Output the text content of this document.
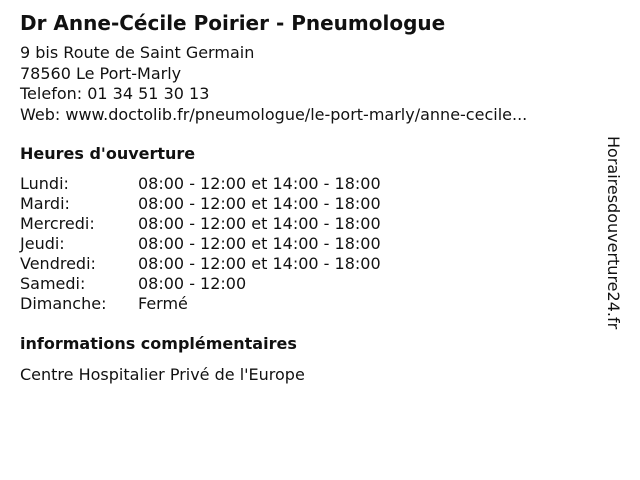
Dr Anne-Cécile Poirier - Pneumologue
9 bis Route de Saint Germain
78560 Le Port-Marly
Telefon: 01 34 51 30 13
Web: www.doctolib.fr/pneumologue/le-port-marly/anne-cecile...
Heures d'ouverture
Lundi:	08:00 - 12:00 et 14:00 - 18:00
Mardi:	08:00 - 12:00 et 14:00 - 18:00
Mercredi:	08:00 - 12:00 et 14:00 - 18:00
Jeudi:	08:00 - 12:00 et 14:00 - 18:00
Vendredi:	08:00 - 12:00 et 14:00 - 18:00
Samedi:	08:00 - 12:00
Dimanche: Fermé
informations complémentaires
Centre Hospitalier Privé de l'Europe
Horairesdouverture24.fr
